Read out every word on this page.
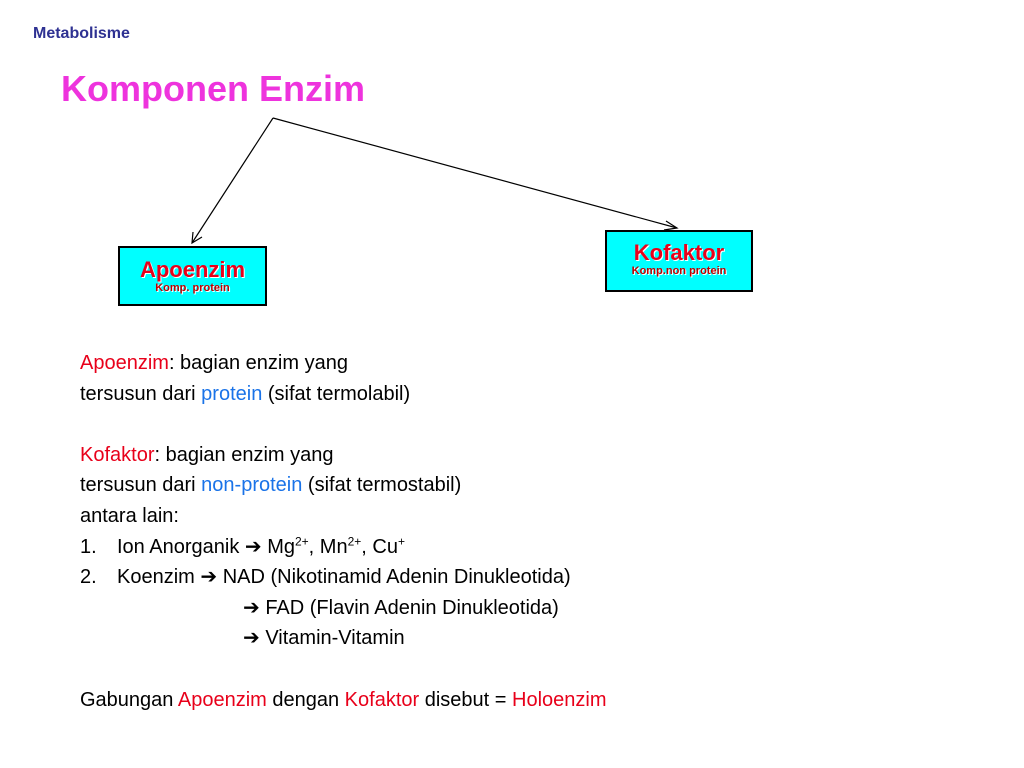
Metabolisme
Komponen Enzim
Apoenzim
Komp. protein
Kofaktor
Komp.non protein
Apoenzim: bagian enzim yang
tersusun dari protein (sifat termolabil)
Kofaktor: bagian enzim yang
tersusun dari non-protein (sifat termostabil)
antara lain:
1. Ion Anorganik ➔ $Mg^{2+}$, $Mn^{2+}$, Cu+
2. Koenzim ➔ NAD (Nikotinamid Adenin Dinukleotida)
➔ FAD (Flavin Adenin Dinukleotida)
➔ Vitamin-Vitamin
Gabungan Apoenzim dengan Kofaktor disebut = Holoenzim
